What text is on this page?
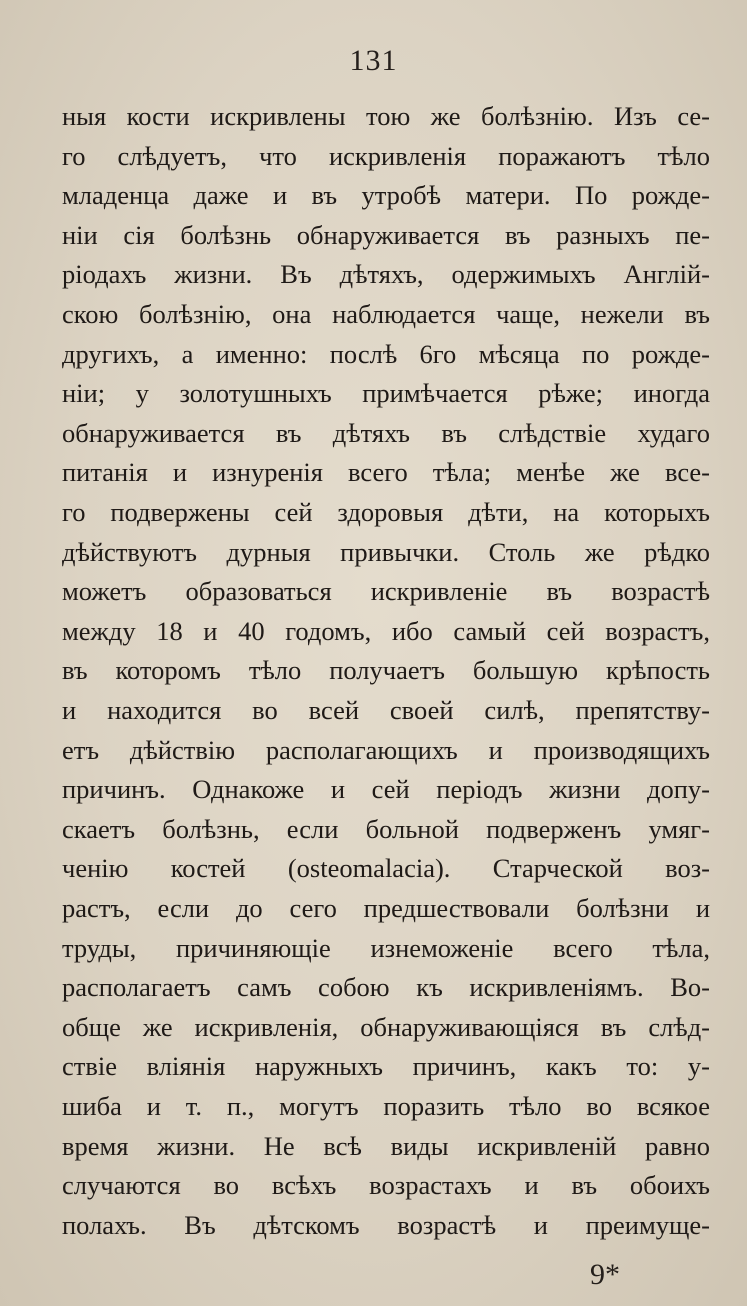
131
ныя кости искривлены тою же болѣзнію. Изъ се-
го слѣдуетъ, что искривленія поражаютъ тѣло
младенца даже и въ утробѣ матери. По рожде-
ніи сія болѣзнь обнаруживается въ разныхъ пе-
ріодахъ жизни. Въ дѣтяхъ, одержимыхъ Англій-
скою болѣзнію, она наблюдается чаще, нежели въ
другихъ, а именно: послѣ 6го мѣсяца по рожде-
ніи; у золотушныхъ примѣчается рѣже; иногда
обнаруживается въ дѣтяхъ въ слѣдствіе худаго
питанія и изнуренія всего тѣла; менѣе же все-
го подвержены сей здоровыя дѣти, на которыхъ
дѣйствуютъ дурныя привычки. Столь же рѣдко
можетъ образоваться искривленіе въ возрастѣ
между 18 и 40 годомъ, ибо самый сей возрастъ,
въ которомъ тѣло получаетъ большую крѣпость
и находится во всей своей силѣ, препятству-
етъ дѣйствію располагающихъ и производящихъ
причинъ. Однакоже и сей періодъ жизни допу-
скаетъ болѣзнь, если больной подверженъ умяг-
ченію костей (osteomalacia). Старческой воз-
растъ, если до сего предшествовали болѣзни и
труды, причиняющіе изнеможеніе всего тѣла,
располагаетъ самъ собою къ искривленіямъ. Во-
обще же искривленія, обнаруживающіяся въ слѣд-
ствіе вліянія наружныхъ причинъ, какъ то: у-
шиба и т. п., могутъ поразить тѣло во всякое
время жизни. Не всѣ виды искривленій равно
случаются во всѣхъ возрастахъ и въ обоихъ
полахъ. Въ дѣтскомъ возрастѣ и преимуще-
9*
